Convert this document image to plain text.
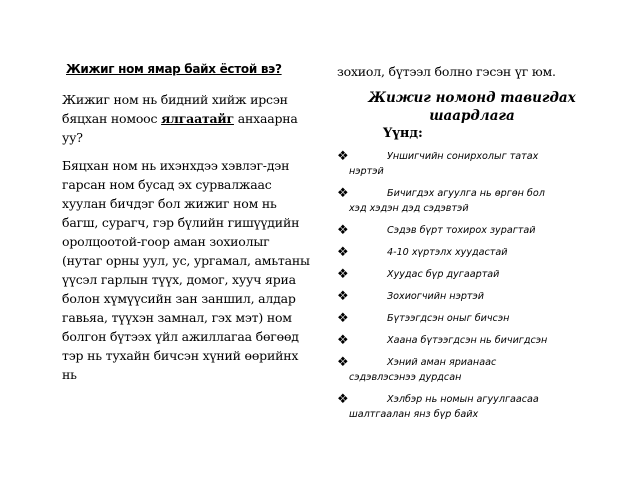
Жижиг ном ямар байх ёстой вэ?

Жижиг ном нь бидний хийж ирсэн бяцхан номоос ялгаатайг анхаарна уу?

Бяцхан ном нь ихэнхдээ хэвлэг-дэн гарсан ном бусад эх сурвалжаас хуулан бичдэг бол жижиг ном нь багш, сурагч, гэр бүлийн гишүүдийн оролцоотой-гоор аман зохиолыг (нутаг орны уул, ус, ургамал, амьтаны үүсэл гарлын түүх, домог, хууч яриа болон хүмүүсийн зан заншил, алдар гавьяа, түүхэн замнал, гэх мэт) ном болгон бүтээх үйл ажиллагаа бөгөөд тэр нь тухайн бичсэн хүний өөрийнх нь

зохиол, бүтээл болно гэсэн үг юм.

Жижиг номонд тавигдах шаардлага
Үүнд:
❖	Уншигчийн сонирхолыг татах
нэртэй
❖	Бичигдэх агуулга нь өргөн бол
хэд хэдэн дэд сэдэвтэй
❖	Сэдэв бүрт тохирох зурагтай
❖	4-10 хүртэлх хуудастай
❖	Хуудас бүр дугаартай
❖	Зохиогчийн нэртэй
❖	Бүтээгдсэн оныг бичсэн
❖	Хаана бүтээгдсэн нь бичигдсэн
❖	Хэний аман ярианаас
сэдэвлэсэнээ дурдсан
❖	Хэлбэр нь номын агуулгаасаа
шалтгаалан янз бүр байх
